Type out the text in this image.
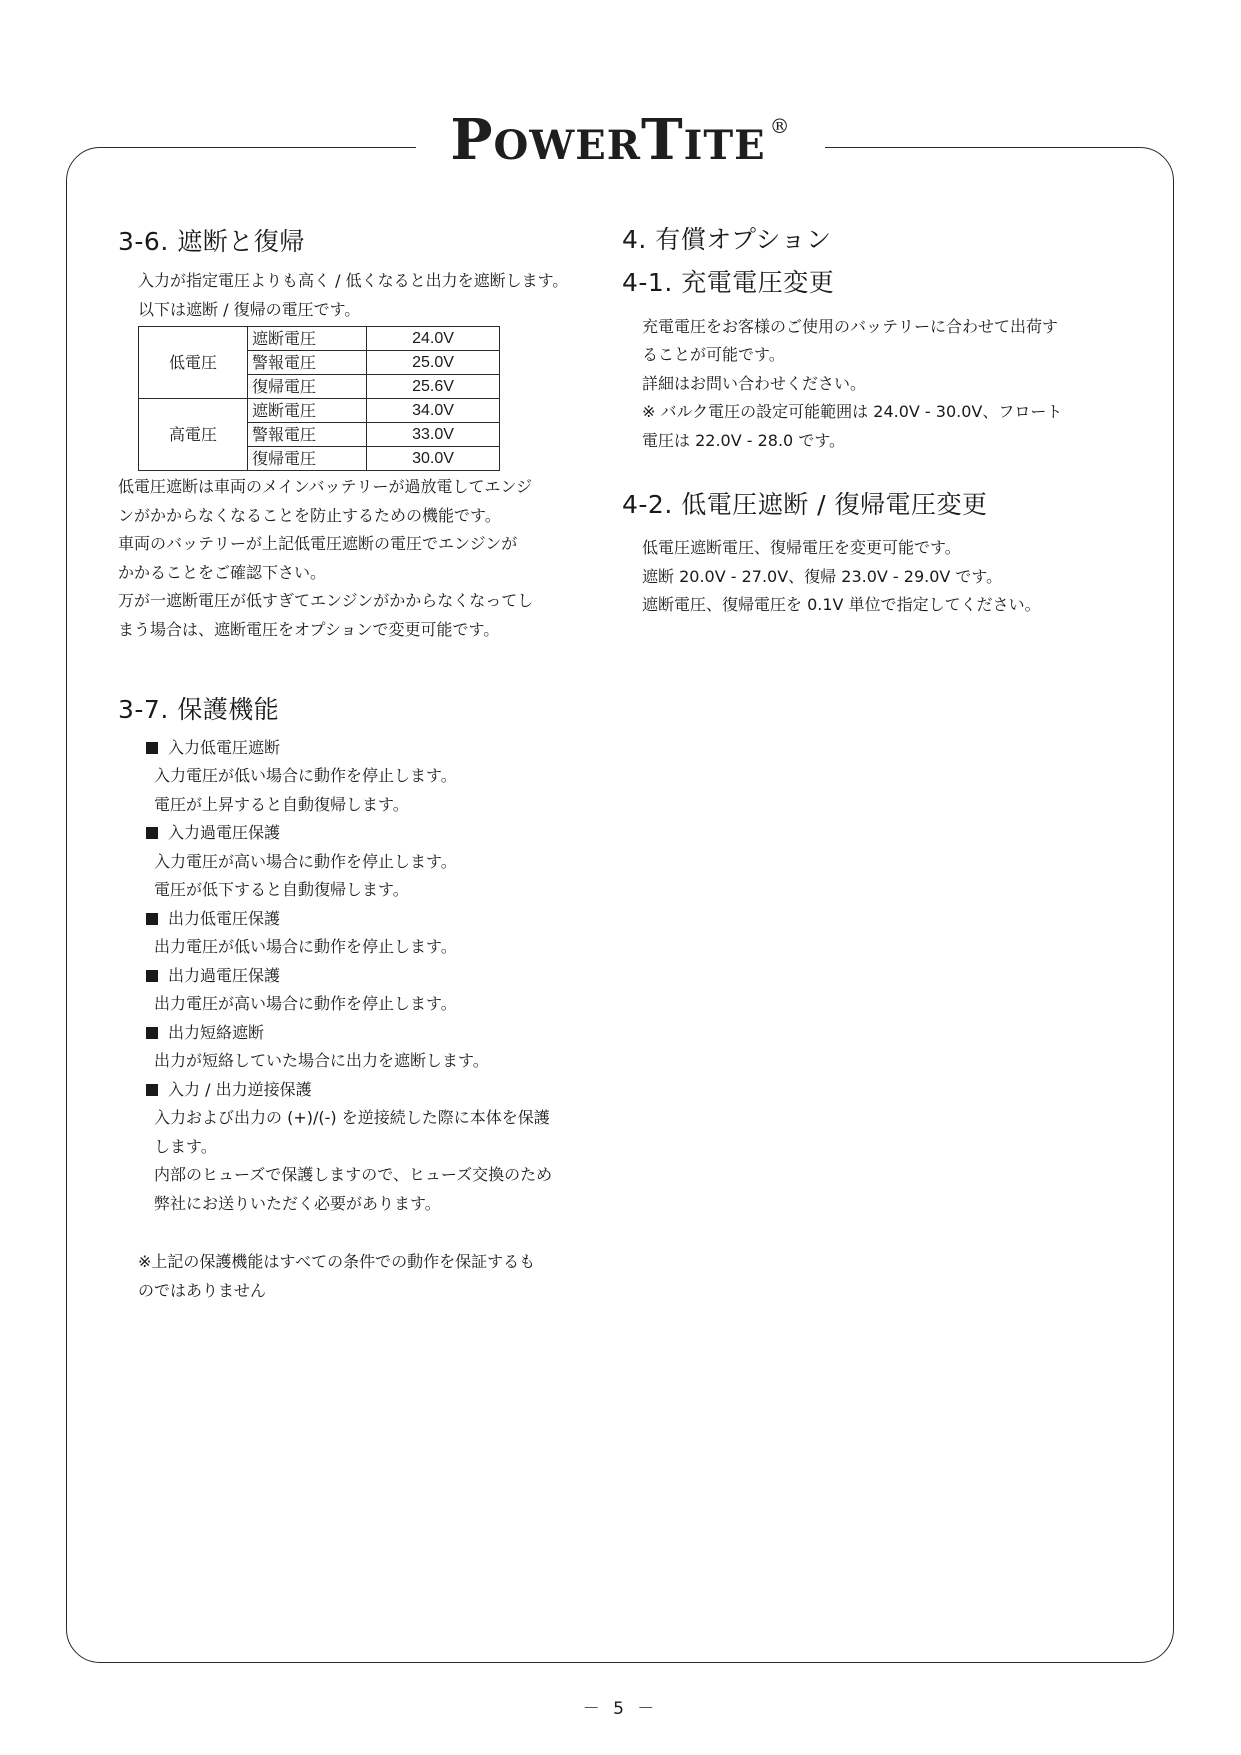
POWERTITE ®
3-6. 遮断と復帰

入力が指定電圧よりも高く / 低くなると出力を遮断します。

以下は遮断 / 復帰の電圧です。

低電圧	遮断電圧	24.0V
	警報電圧	25.0V
	復帰電圧	25.6V
高電圧	遮断電圧	34.0V
	警報電圧	33.0V
	復帰電圧	30.0V

低電圧遮断は車両のメインバッテリーが過放電してエンジ

ンがかからなくなることを防止するための機能です。

車両のバッテリーが上記低電圧遮断の電圧でエンジンが

かかることをご確認下さい。

万が一遮断電圧が低すぎてエンジンがかからなくなってし

まう場合は、遮断電圧をオプションで変更可能です。

3-7. 保護機能
入力低電圧遮断
入力電圧が低い場合に動作を停止します。
電圧が上昇すると自動復帰します。
入力過電圧保護
入力電圧が高い場合に動作を停止します。
電圧が低下すると自動復帰します。
出力低電圧保護
出力電圧が低い場合に動作を停止します。
出力過電圧保護
出力電圧が高い場合に動作を停止します。
出力短絡遮断
出力が短絡していた場合に出力を遮断します。
入力 / 出力逆接保護
入力および出力の (+)/(-) を逆接続した際に本体を保護
します。
内部のヒューズで保護しますので、ヒューズ交換のため
弊社にお送りいただく必要があります。

※上記の保護機能はすべての条件での動作を保証するも

のではありません

4. 有償オプション
4-1. 充電電圧変更

充電電圧をお客様のご使用のバッテリーに合わせて出荷す

ることが可能です。

詳細はお問い合わせください。

※ バルク電圧の設定可能範囲は 24.0V - 30.0V、フロート

電圧は 22.0V - 28.0 です。

4-2. 低電圧遮断 / 復帰電圧変更

低電圧遮断電圧、復帰電圧を変更可能です。

遮断 20.0V - 27.0V、復帰 23.0V - 29.0V です。

遮断電圧、復帰電圧を 0.1V 単位で指定してください。

－ 5 －
